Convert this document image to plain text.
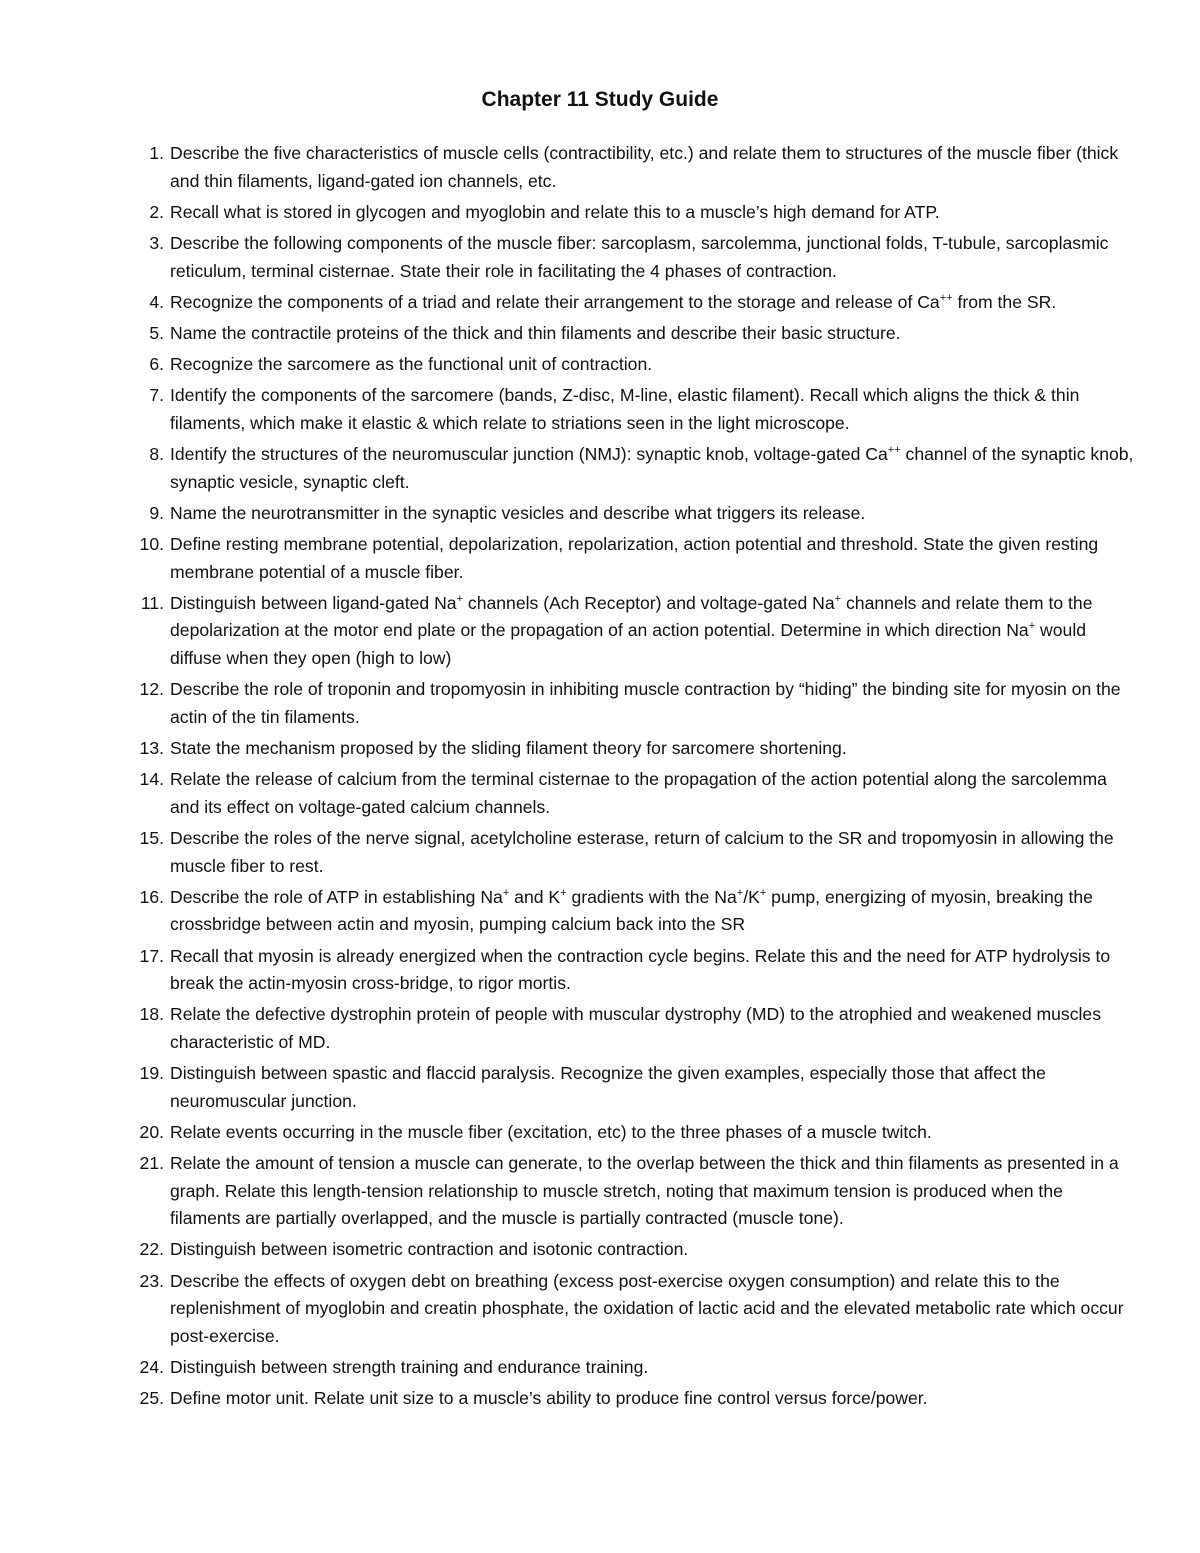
Chapter 11 Study Guide
1. Describe the five characteristics of muscle cells (contractibility, etc.) and relate them to structures of the muscle fiber (thick and thin filaments, ligand-gated ion channels, etc.
2. Recall what is stored in glycogen and myoglobin and relate this to a muscle’s high demand for ATP.
3. Describe the following components of the muscle fiber: sarcoplasm, sarcolemma, junctional folds, T-tubule, sarcoplasmic reticulum, terminal cisternae. State their role in facilitating the 4 phases of contraction.
4. Recognize the components of a triad and relate their arrangement to the storage and release of Ca++ from the SR.
5. Name the contractile proteins of the thick and thin filaments and describe their basic structure.
6. Recognize the sarcomere as the functional unit of contraction.
7. Identify the components of the sarcomere (bands, Z-disc, M-line, elastic filament). Recall which aligns the thick & thin filaments, which make it elastic & which relate to striations seen in the light microscope.
8. Identify the structures of the neuromuscular junction (NMJ): synaptic knob, voltage-gated Ca++ channel of the synaptic knob, synaptic vesicle, synaptic cleft.
9. Name the neurotransmitter in the synaptic vesicles and describe what triggers its release.
10. Define resting membrane potential, depolarization, repolarization, action potential and threshold. State the given resting membrane potential of a muscle fiber.
11. Distinguish between ligand-gated Na+ channels (Ach Receptor) and voltage-gated Na+ channels and relate them to the depolarization at the motor end plate or the propagation of an action potential. Determine in which direction Na+ would diffuse when they open (high to low)
12. Describe the role of troponin and tropomyosin in inhibiting muscle contraction by “hiding” the binding site for myosin on the actin of the tin filaments.
13. State the mechanism proposed by the sliding filament theory for sarcomere shortening.
14. Relate the release of calcium from the terminal cisternae to the propagation of the action potential along the sarcolemma and its effect on voltage-gated calcium channels.
15. Describe the roles of the nerve signal, acetylcholine esterase, return of calcium to the SR and tropomyosin in allowing the muscle fiber to rest.
16. Describe the role of ATP in establishing Na+ and K+ gradients with the Na+/K+ pump, energizing of myosin, breaking the crossbridge between actin and myosin, pumping calcium back into the SR
17. Recall that myosin is already energized when the contraction cycle begins. Relate this and the need for ATP hydrolysis to break the actin-myosin cross-bridge, to rigor mortis.
18. Relate the defective dystrophin protein of people with muscular dystrophy (MD) to the atrophied and weakened muscles characteristic of MD.
19. Distinguish between spastic and flaccid paralysis. Recognize the given examples, especially those that affect the neuromuscular junction.
20. Relate events occurring in the muscle fiber (excitation, etc) to the three phases of a muscle twitch.
21. Relate the amount of tension a muscle can generate, to the overlap between the thick and thin filaments as presented in a graph. Relate this length-tension relationship to muscle stretch, noting that maximum tension is produced when the filaments are partially overlapped, and the muscle is partially contracted (muscle tone).
22. Distinguish between isometric contraction and isotonic contraction.
23. Describe the effects of oxygen debt on breathing (excess post-exercise oxygen consumption) and relate this to the replenishment of myoglobin and creatin phosphate, the oxidation of lactic acid and the elevated metabolic rate which occur post-exercise.
24. Distinguish between strength training and endurance training.
25. Define motor unit. Relate unit size to a muscle’s ability to produce fine control versus force/power.
